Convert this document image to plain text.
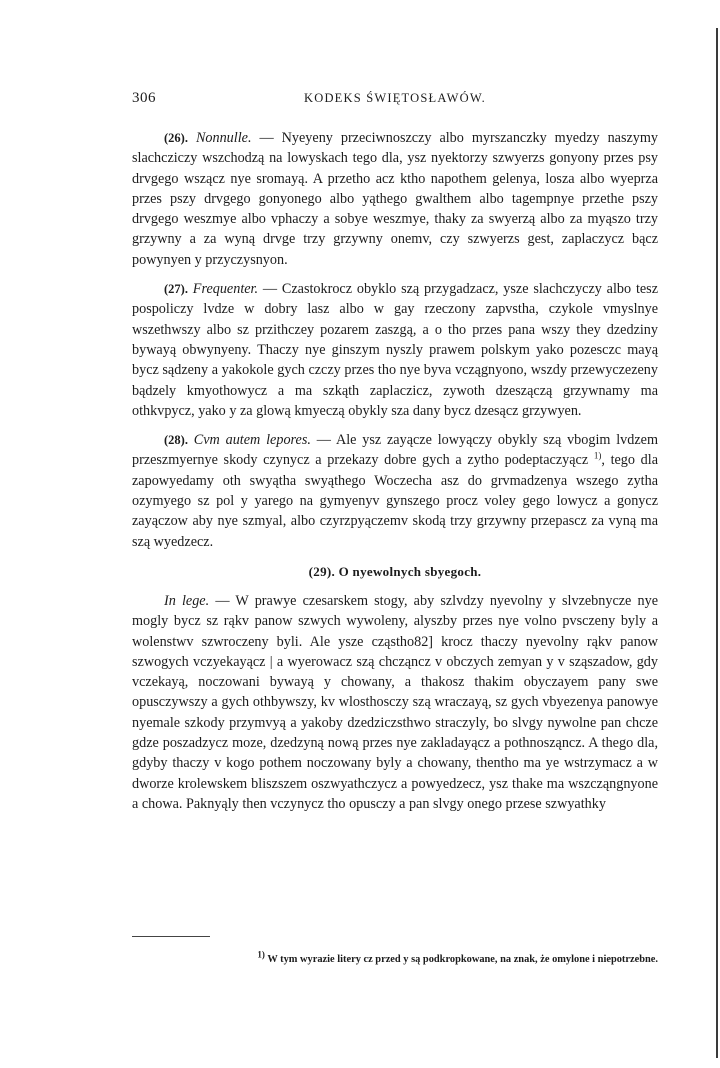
306	KODEKS ŚWIĘTOSŁAWÓW.

(26). Nonnulle. — Nyeyeny przeciwnoszczy albo myrszanczky myedzy naszymy slachcziczy wszchodzą na lowyskach tego dla, ysz nyektorzy szwyerzs gonyony przes psy drvgego wszącz nye sromayą. A przetho acz ktho napothem gelenya, losza albo wyeprza przes pszy drvgego gonyonego albo yąthego gwalthem albo tagempnye przethe pszy drvgego weszmye albo vphaczy a sobye weszmye, thaky za swyerzą albo za myąszo trzy grzywny a za wyną drvge trzy grzywny onemv, czy szwyerzs gest, zaplaczycz bącz powynyen y przyczysnyon.

(27). Frequenter. — Czastokrocz obyklo szą przygadzacz, ysze slachczyczy albo tesz pospoliczy lvdze w dobry lasz albo w gay rzeczony zapvstha, czykole vmyslnye wszethwszy albo sz przithczey pozarem zaszgą, a o tho przes pana wszy they dzedziny bywayą obwynyeny. Thaczy nye ginszym nyszly prawem polskym yako pozesczc mayą bycz sądzeny a yakokole gych czczy przes tho nye byva vczągnyono, wszdy przewyczezeny bądzely kmyothowycz a ma szkąth zaplaczicz, zywoth dzeszączą grzywnamy ma othkvpycz, yako y za glową kmyeczą obykly sza dany bycz dzesącz grzywyen.

(28). Cvm autem lepores. — Ale ysz zayącze lowyączy obykly szą vbogim lvdzem przeszmyernye skody czynycz a przekazy dobre gych a zytho podeptaczyącz $^{1)}$, tego dla zapowyedamy oth swyątha swyąthego Woczecha asz do grvmadzenya wszego zytha ozymyego sz pol y yarego na gymyenyv gynszego procz voley gego lowycz a gonycz zayączow aby nye szmyal, albo czyrzpyączemv skodą trzy grzywny przepascz za vyną ma szą wyedzecz.

(29). O nyewolnych sbyegoch.

In lege. — W prawye czesarskem stogy, aby szlvdzy nyevolny y slvzebnycze nye mogly bycz sz rąkv panow szwych wywoleny, alyszby przes nye volno pvsczeny byly a wolenstwv szwroczeny byli. Ale ysze cząstho82] krocz thaczy nyevolny rąkv panow szwogych vczyekayącz | a wyerowacz szą chcząncz v obczych zemyan y v sząszadow, gdy vczekayą, noczowani bywayą y chowany, a thakosz thakim obyczayem pany swe opusczywszy a gych othbywszy, kv wlosthosczy szą wraczayą, sz gych vbyezenya panowye nyemale szkody przymvyą a yakoby dzedziczsthwo straczyly, bo slvgy nywolne pan chcze gdze poszadzycz moze, dzedzyną nową przes nye zakladayącz a pothnosząncz. A thego dla, gdyby thaczy v kogo pothem noczowany byly a chowany, thentho ma ye wstrzymacz a w dworze krolewskem bliszszem oszwyathczycz a powyedzecz, ysz thake ma wszcząngnyone a chowa. Paknyąly then vczynycz tho opusczy a pan slvgy onego przese szwyathky

$^{1)}$ W tym wyrazie litery cz przed y są podkropkowane, na znak, że omylone i niepotrzebne.
